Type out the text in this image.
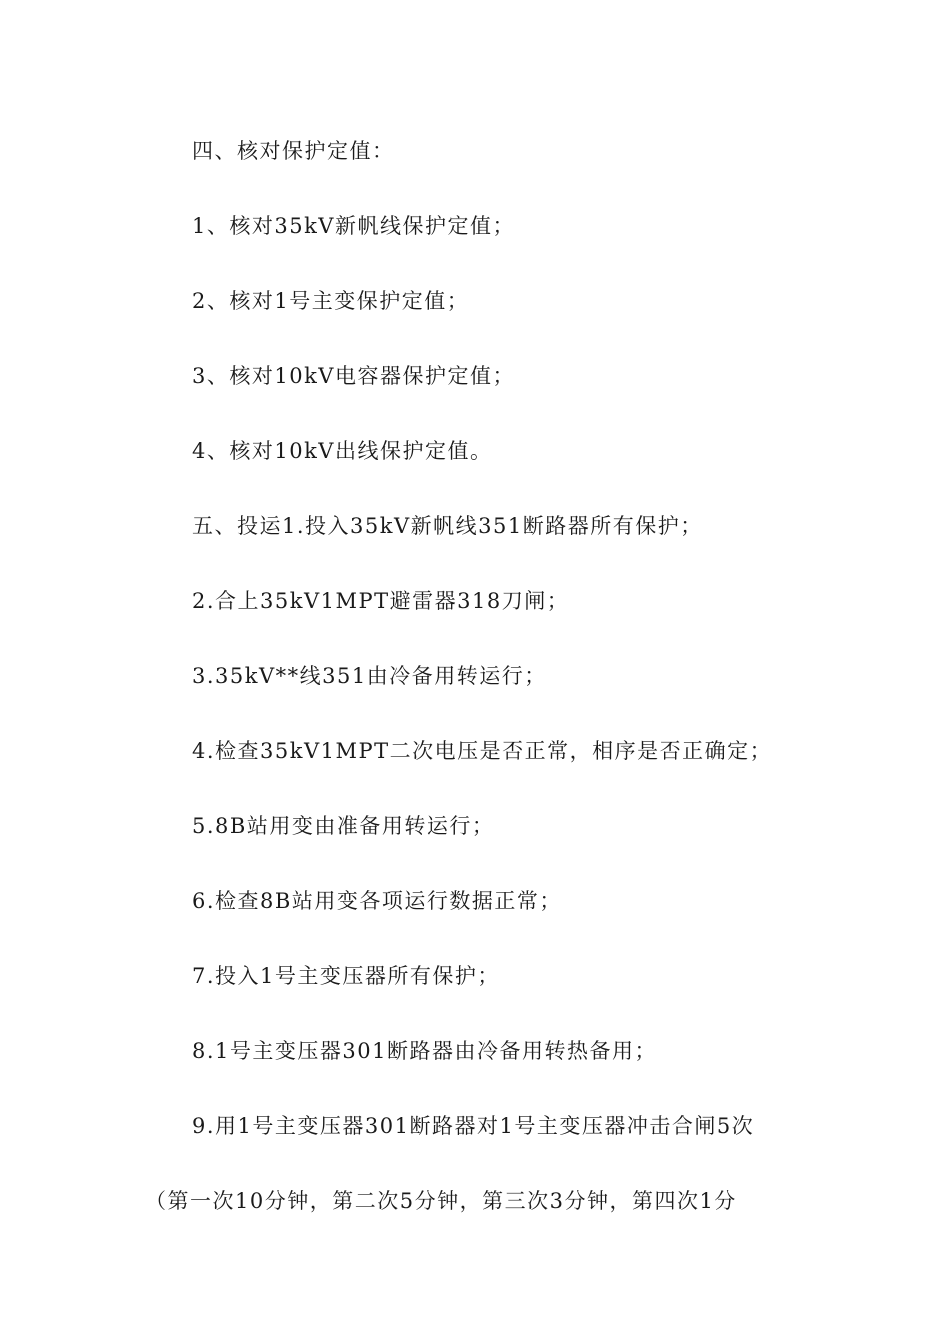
四、核对保护定值：
1、核对35kV新帆线保护定值；
2、核对1号主变保护定值；
3、核对10kV电容器保护定值；
4、核对10kV出线保护定值。
五、投运1.投入35kV新帆线351断路器所有保护；
2.合上35kV1MPT避雷器318刀闸；
3.35kV**线351由冷备用转运行；
4.检查35kV1MPT二次电压是否正常，相序是否正确定；
5.8B站用变由准备用转运行；
6.检查8B站用变各项运行数据正常；
7.投入1号主变压器所有保护；
8.1号主变压器301断路器由冷备用转热备用；
9.用1号主变压器301断路器对1号主变压器冲击合闸5次
（第一次10分钟，第二次5分钟，第三次3分钟，第四次1分
